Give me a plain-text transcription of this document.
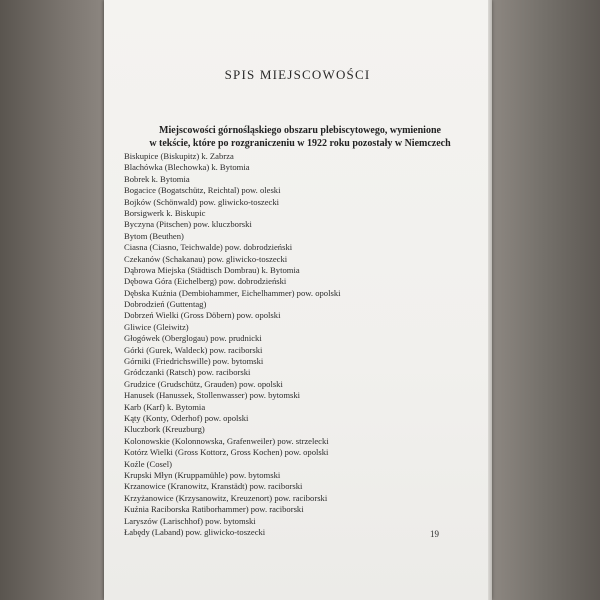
SPIS MIEJSCOWOŚCI
Miejscowości górnośląskiego obszaru plebiscytowego, wymienione
w tekście, które po rozgraniczeniu w 1922 roku pozostały w Niemczech
Biskupice (Biskupitz) k. Zabrza
Blachówka (Blechowka) k. Bytomia
Bobrek k. Bytomia
Bogacice (Bogatschütz, Reichtal) pow. oleski
Bojków (Schönwald) pow. gliwicko-toszecki
Borsigwerk k. Biskupic
Byczyna (Pitschen) pow. kluczborski
Bytom (Beuthen)
Ciasna (Ciasno, Teichwalde) pow. dobrodzieński
Czekanów (Schakanau) pow. gliwicko-toszecki
Dąbrowa Miejska (Städtisch Dombrau) k. Bytomia
Dębowa Góra (Eichelberg) pow. dobrodzieński
Dębska Kuźnia (Dembiohammer, Eichelhammer) pow. opolski
Dobrodzień (Guttentag)
Dobrzeń Wielki (Gross Döbern) pow. opolski
Gliwice (Gleiwitz)
Głogówek (Oberglogau) pow. prudnicki
Górki (Gurek, Waldeck) pow. raciborski
Górniki (Friedrichswille) pow. bytomski
Gródczanki (Ratsch) pow. raciborski
Grudzice (Grudschütz, Grauden) pow. opolski
Hanusek (Hanussek, Stollenwasser) pow. bytomski
Karb (Karf) k. Bytomia
Kąty (Konty, Oderhof) pow. opolski
Kluczbork (Kreuzburg)
Kolonowskie (Kolonnowska, Grafenweiler) pow. strzelecki
Kotórz Wielki (Gross Kottorz, Gross Kochen) pow. opolski
Koźle (Cosel)
Krupski Młyn (Kruppamühle) pow. bytomski
Krzanowice (Kranowitz, Kranstädt) pow. raciborski
Krzyżanowice (Krzysanowitz, Kreuzenort) pow. raciborski
Kuźnia Raciborska Ratiborhammer) pow. raciborski
Laryszów (Larischhof) pow. bytomski
Łabędy (Laband) pow. gliwicko-toszecki	19
